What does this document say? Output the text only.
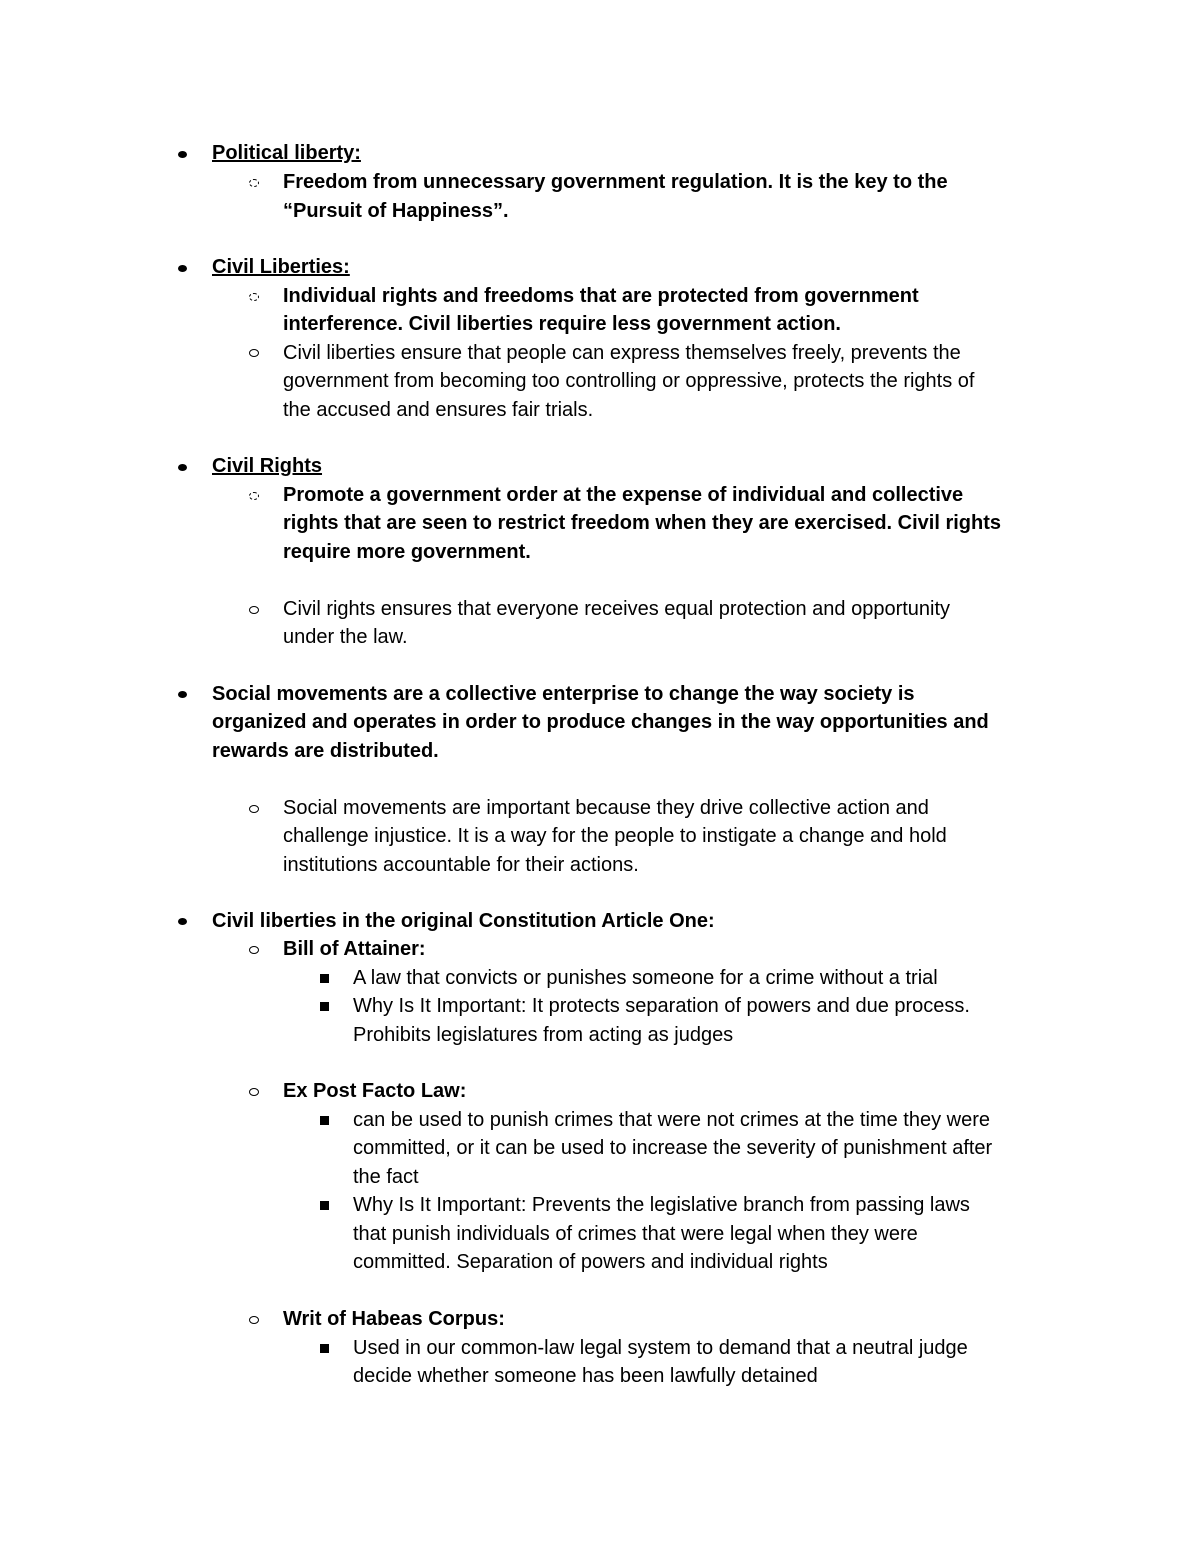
Political liberty:
Freedom from unnecessary government regulation. It is the key to the
“Pursuit of Happiness”.
Civil Liberties:
Individual rights and freedoms that are protected from government
interference. Civil liberties require less government action.
Civil liberties ensure that people can express themselves freely, prevents the
government from becoming too controlling or oppressive, protects the rights of
the accused and ensures fair trials.
Civil Rights
Promote a government order at the expense of individual and collective
rights that are seen to restrict freedom when they are exercised. Civil rights
require more government.
Civil rights ensures that everyone receives equal protection and opportunity
under the law.
Social movements are a collective enterprise to change the way society is
organized and operates in order to produce changes in the way opportunities and
rewards are distributed.
Social movements are important because they drive collective action and
challenge injustice. It is a way for the people to instigate a change and hold
institutions accountable for their actions.
Civil liberties in the original Constitution Article One:
Bill of Attainer:
A law that convicts or punishes someone for a crime without a trial
Why Is It Important: It protects separation of powers and due process.
Prohibits legislatures from acting as judges
Ex Post Facto Law:
can be used to punish crimes that were not crimes at the time they were
committed, or it can be used to increase the severity of punishment after
the fact
Why Is It Important: Prevents the legislative branch from passing laws
that punish individuals of crimes that were legal when they were
committed. Separation of powers and individual rights
Writ of Habeas Corpus:
Used in our common-law legal system to demand that a neutral judge
decide whether someone has been lawfully detained
